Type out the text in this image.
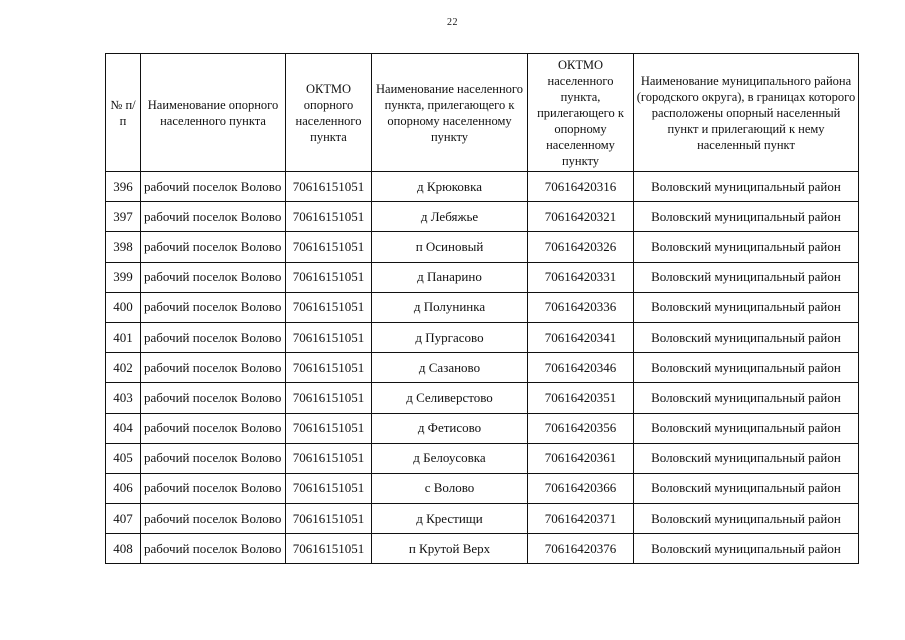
22
№ п/п	Наименование опорного населенного пункта	ОКТМО опорного населенного пункта	Наименование населенного пункта, прилегающего к опорному населенному пункту	ОКТМО населенного пункта, прилегающего к опорному населенному пункту	Наименование муниципального района (городского округа), в границах которого расположены опорный населенный пункт и прилегающий к нему населенный пункт
396	рабочий поселок Волово	70616151051	д Крюковка	70616420316	Воловский муниципальный район
397	рабочий поселок Волово	70616151051	д Лебяжье	70616420321	Воловский муниципальный район
398	рабочий поселок Волово	70616151051	п Осиновый	70616420326	Воловский муниципальный район
399	рабочий поселок Волово	70616151051	д Панарино	70616420331	Воловский муниципальный район
400	рабочий поселок Волово	70616151051	д Полунинка	70616420336	Воловский муниципальный район
401	рабочий поселок Волово	70616151051	д Пургасово	70616420341	Воловский муниципальный район
402	рабочий поселок Волово	70616151051	д Сазаново	70616420346	Воловский муниципальный район
403	рабочий поселок Волово	70616151051	д Селиверстово	70616420351	Воловский муниципальный район
404	рабочий поселок Волово	70616151051	д Фетисово	70616420356	Воловский муниципальный район
405	рабочий поселок Волово	70616151051	д Белоусовка	70616420361	Воловский муниципальный район
406	рабочий поселок Волово	70616151051	с Волово	70616420366	Воловский муниципальный район
407	рабочий поселок Волово	70616151051	д Крестищи	70616420371	Воловский муниципальный район
408	рабочий поселок Волово	70616151051	п Крутой Верх	70616420376	Воловский муниципальный район
